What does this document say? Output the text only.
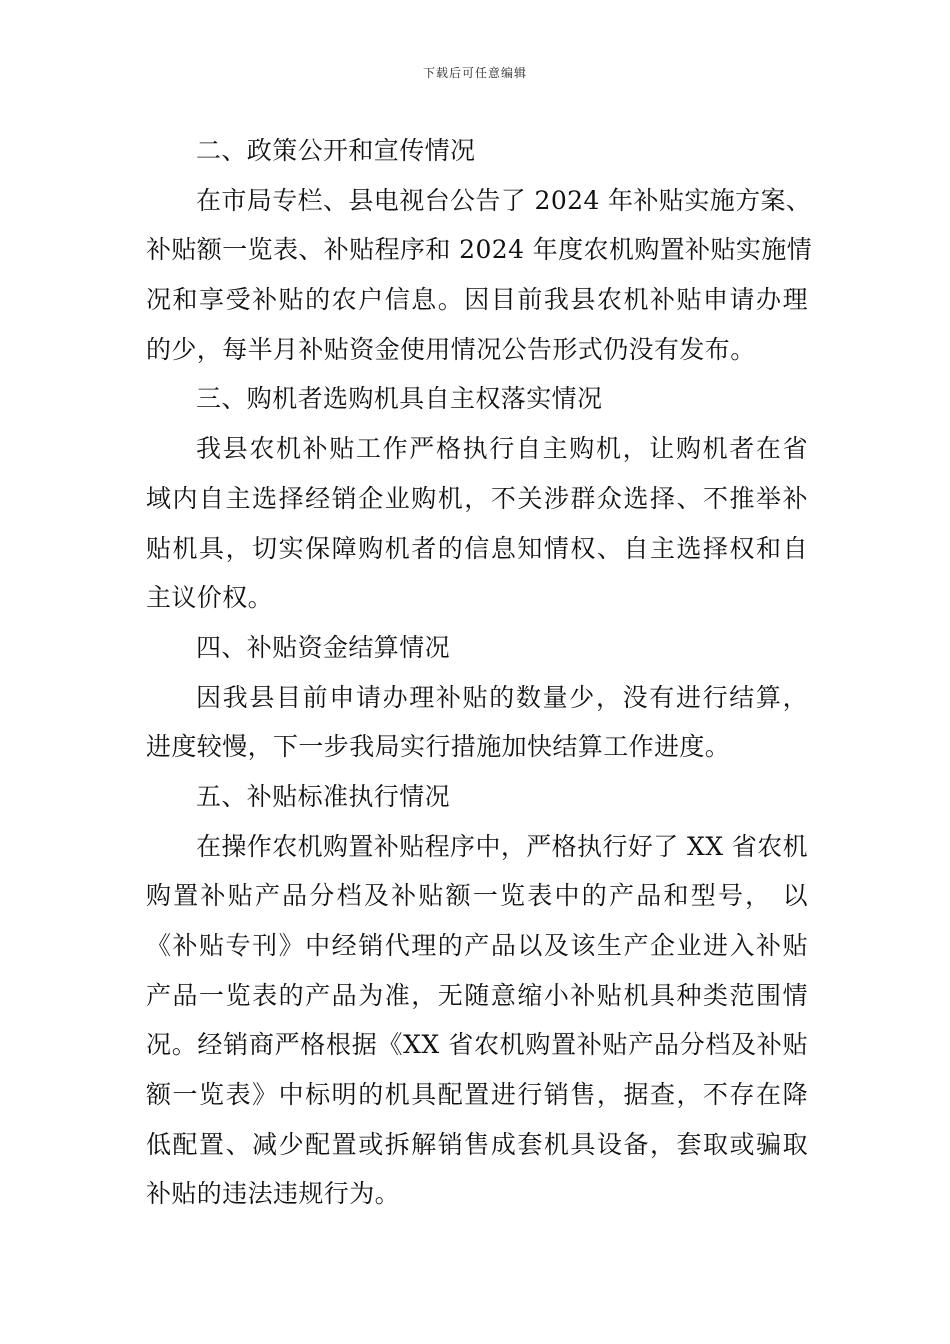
下载后可任意编辑
二、政策公开和宣传情况
在市局专栏、县电视台公告了 2024 年补贴实施方案、
补贴额一览表、补贴程序和 2024 年度农机购置补贴实施情
况和享受补贴的农户信息。因目前我县农机补贴申请办理
的少，每半月补贴资金使用情况公告形式仍没有发布。
三、购机者选购机具自主权落实情况
我县农机补贴工作严格执行自主购机，让购机者在省
域内自主选择经销企业购机，不关涉群众选择、不推举补
贴机具，切实保障购机者的信息知情权、自主选择权和自
主议价权。
四、补贴资金结算情况
因我县目前申请办理补贴的数量少，没有进行结算，
进度较慢，下一步我局实行措施加快结算工作进度。
五、补贴标准执行情况
在操作农机购置补贴程序中，严格执行好了 XX 省农机
购置补贴产品分档及补贴额一览表中的产品和型号， 以
《补贴专刊》中经销代理的产品以及该生产企业进入补贴
产品一览表的产品为准，无随意缩小补贴机具种类范围情
况。经销商严格根据《XX 省农机购置补贴产品分档及补贴
额一览表》中标明的机具配置进行销售，据查，不存在降
低配置、减少配置或拆解销售成套机具设备，套取或骗取
补贴的违法违规行为。
